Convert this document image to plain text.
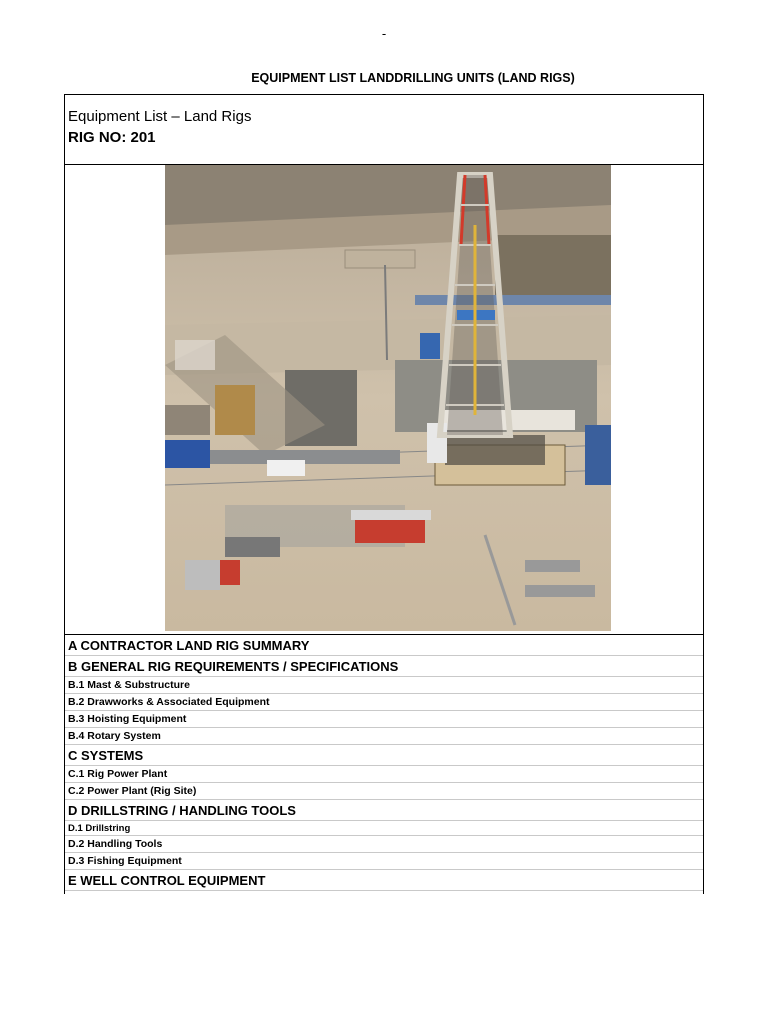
-
EQUIPMENT LIST LANDDRILLING UNITS (LAND RIGS)
Equipment List – Land Rigs
RIG NO: 201
A CONTRACTOR LAND RIG SUMMARY
B GENERAL RIG REQUIREMENTS / SPECIFICATIONS
B.1 Mast & Substructure
B.2 Drawworks & Associated Equipment
B.3 Hoisting Equipment
B.4 Rotary System
C SYSTEMS
C.1 Rig Power Plant
C.2 Power Plant (Rig Site)
D DRILLSTRING / HANDLING TOOLS
D.1 Drillstring
D.2 Handling Tools
D.3 Fishing Equipment
E WELL CONTROL EQUIPMENT
